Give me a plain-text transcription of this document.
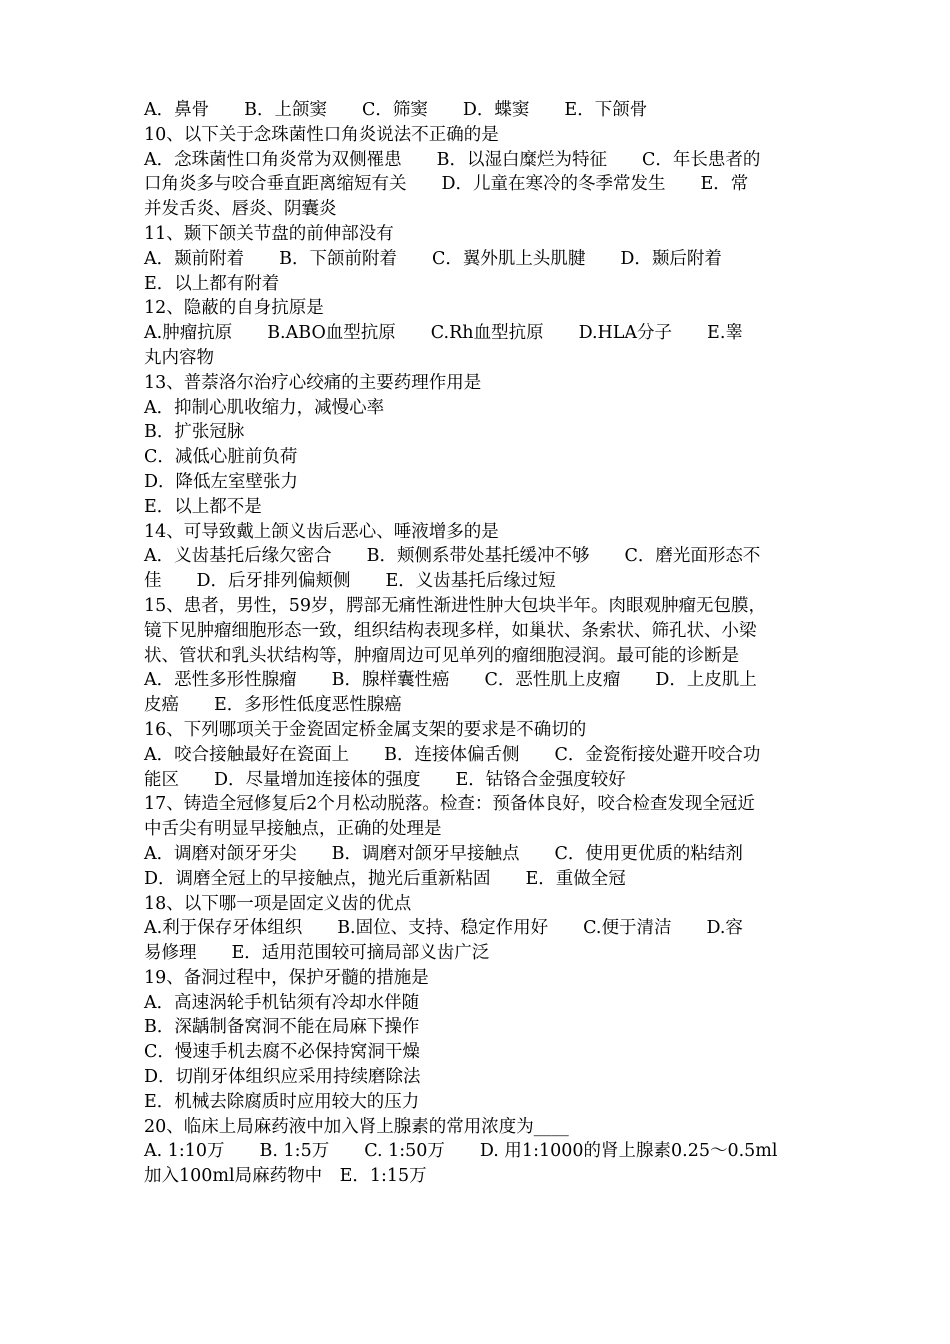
A．鼻骨　　B．上颌窦　　C．筛窦　　D．蝶窦　　E．下颌骨
10、以下关于念珠菌性口角炎说法不正确的是
A．念珠菌性口角炎常为双侧罹患　　B．以湿白糜烂为特征　　C．年长患者的
口角炎多与咬合垂直距离缩短有关　　D．儿童在寒冷的冬季常发生　　E．常
并发舌炎、唇炎、阴囊炎
11、颞下颌关节盘的前伸部没有
A．颞前附着　　B．下颌前附着　　C．翼外肌上头肌腱　　D．颞后附着
E．以上都有附着
12、隐蔽的自身抗原是
A.肿瘤抗原　　B.ABO血型抗原　　C.Rh血型抗原　　D.HLA分子　　E.睾
丸内容物
13、普萘洛尔治疗心绞痛的主要药理作用是
A．抑制心肌收缩力，减慢心率
B．扩张冠脉
C．减低心脏前负荷
D．降低左室壁张力
E．以上都不是
14、可导致戴上颌义齿后恶心、唾液增多的是
A．义齿基托后缘欠密合　　B．颊侧系带处基托缓冲不够　　C．磨光面形态不
佳　　D．后牙排列偏颊侧　　E．义齿基托后缘过短
15、患者，男性，59岁，腭部无痛性渐进性肿大包块半年。肉眼观肿瘤无包膜，
镜下见肿瘤细胞形态一致，组织结构表现多样，如巢状、条索状、筛孔状、小梁
状、管状和乳头状结构等，肿瘤周边可见单列的瘤细胞浸润。最可能的诊断是
A．恶性多形性腺瘤　　B．腺样囊性癌　　C．恶性肌上皮瘤　　D．上皮肌上
皮癌　　E．多形性低度恶性腺癌
16、下列哪项关于金瓷固定桥金属支架的要求是不确切的
A．咬合接触最好在瓷面上　　B．连接体偏舌侧　　C．金瓷衔接处避开咬合功
能区　　D．尽量增加连接体的强度　　E．钴铬合金强度较好
17、铸造全冠修复后2个月松动脱落。检查：预备体良好，咬合检查发现全冠近
中舌尖有明显早接触点，正确的处理是
A．调磨对颌牙牙尖　　B．调磨对颌牙早接触点　　C．使用更优质的粘结剂
D．调磨全冠上的早接触点，抛光后重新粘固　　E．重做全冠
18、以下哪一项是固定义齿的优点
A.利于保存牙体组织　　B.固位、支持、稳定作用好　　C.便于清洁　　D.容
易修理　　E．适用范围较可摘局部义齿广泛
19、备洞过程中，保护牙髓的措施是
A．高速涡轮手机钻须有冷却水伴随
B．深龋制备窝洞不能在局麻下操作
C．慢速手机去腐不必保持窝洞干燥
D．切削牙体组织应采用持续磨除法
E．机械去除腐质时应用较大的压力
20、临床上局麻药液中加入肾上腺素的常用浓度为____
A. 1:10万　　B. 1:5万　　C. 1:50万　　D. 用1:1000的肾上腺素0.25～0.5ml
加入100ml局麻药物中　E．1:15万
